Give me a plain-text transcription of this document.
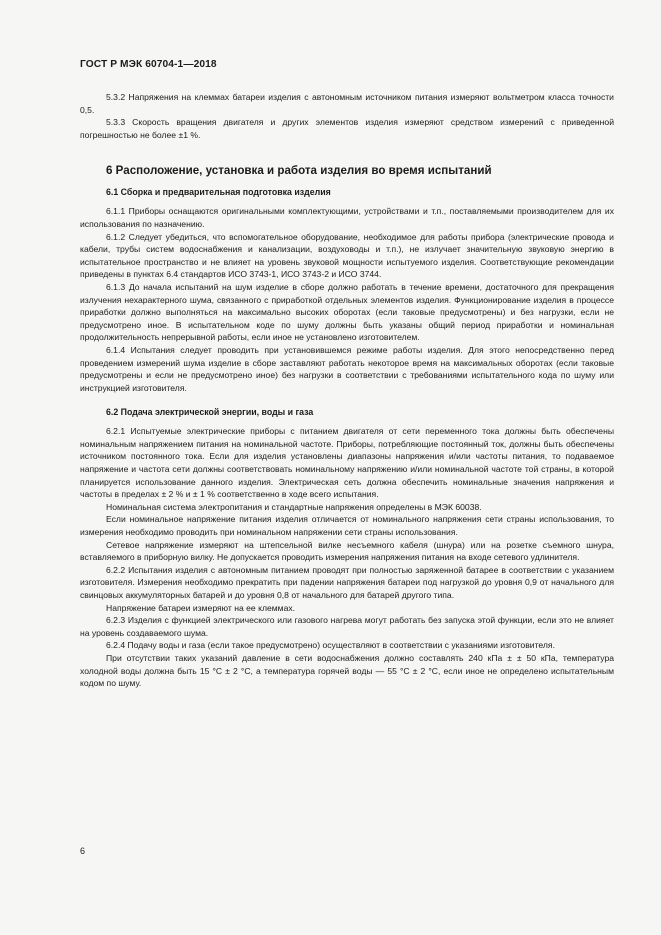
ГОСТ Р МЭК 60704-1—2018

5.3.2 Напряжения на клеммах батареи изделия с автономным источником питания измеряют вольтметром класса точности 0,5.

5.3.3 Скорость вращения двигателя и других элементов изделия измеряют средством измерений с приведенной погрешностью не более ±1 %.

6 Расположение, установка и работа изделия во время испытаний
6.1 Сборка и предварительная подготовка изделия

6.1.1 Приборы оснащаются оригинальными комплектующими, устройствами и т.п., поставляемыми производителем для их использования по назначению.

6.1.2 Следует убедиться, что вспомогательное оборудование, необходимое для работы прибора (электрические провода и кабели, трубы систем водоснабжения и канализации, воздуховоды и т.п.), не излучает значительную звуковую энергию в испытательное пространство и не влияет на уровень звуковой мощности испытуемого изделия. Соответствующие рекомендации приведены в пунктах 6.4 стандартов ИСО 3743-1, ИСО 3743-2 и ИСО 3744.

6.1.3 До начала испытаний на шум изделие в сборе должно работать в течение времени, достаточного для прекращения излучения нехарактерного шума, связанного с приработкой отдельных элементов изделия. Функционирование изделия в процессе приработки должно выполняться на максимально высоких оборотах (если таковые предусмотрены) и без нагрузки, если не предусмотрено иное. В испытательном коде по шуму должны быть указаны общий период приработки и номинальная продолжительность непрерывной работы, если иное не установлено изготовителем.

6.1.4 Испытания следует проводить при установившемся режиме работы изделия. Для этого непосредственно перед проведением измерений шума изделие в сборе заставляют работать некоторое время на максимальных оборотах (если таковые предусмотрены и если не предусмотрено иное) без нагрузки в соответствии с требованиями испытательного кода по шуму или инструкцией изготовителя.

6.2 Подача электрической энергии, воды и газа

6.2.1 Испытуемые электрические приборы с питанием двигателя от сети переменного тока должны быть обеспечены номинальным напряжением питания на номинальной частоте. Приборы, потребляющие постоянный ток, должны быть обеспечены источником постоянного тока. Если для изделия установлены диапазоны напряжения и/или частоты питания, то подаваемое напряжение и частота сети должны соответствовать номинальному напряжению и/или номинальной частоте той страны, в которой планируется использование данного изделия. Электрическая сеть должна обеспечить номинальные значения напряжения и частоты в пределах ± 2 % и ± 1 % соответственно в ходе всего испытания.

Номинальная система электропитания и стандартные напряжения определены в МЭК 60038.

Если номинальное напряжение питания изделия отличается от номинального напряжения сети страны использования, то измерения необходимо проводить при номинальном напряжении сети страны использования.

Сетевое напряжение измеряют на штепсельной вилке несъемного кабеля (шнура) или на розетке съемного шнура, вставляемого в приборную вилку. Не допускается проводить измерения напряжения питания на входе сетевого удлинителя.

6.2.2 Испытания изделия с автономным питанием проводят при полностью заряженной батарее в соответствии с указанием изготовителя. Измерения необходимо прекратить при падении напряжения батареи под нагрузкой до уровня 0,9 от начального для свинцовых аккумуляторных батарей и до уровня 0,8 от начального для батарей другого типа.

Напряжение батареи измеряют на ее клеммах.

6.2.3 Изделия с функцией электрического или газового нагрева могут работать без запуска этой функции, если это не влияет на уровень создаваемого шума.

6.2.4 Подачу воды и газа (если такое предусмотрено) осуществляют в соответствии с указаниями изготовителя.

При отсутствии таких указаний давление в сети водоснабжения должно составлять 240 кПа ± ± 50 кПа, температура холодной воды должна быть 15 °С ± 2 °С, а температура горячей воды — 55 °С ± 2 °С, если иное не определено испытательным кодом по шуму.

6
